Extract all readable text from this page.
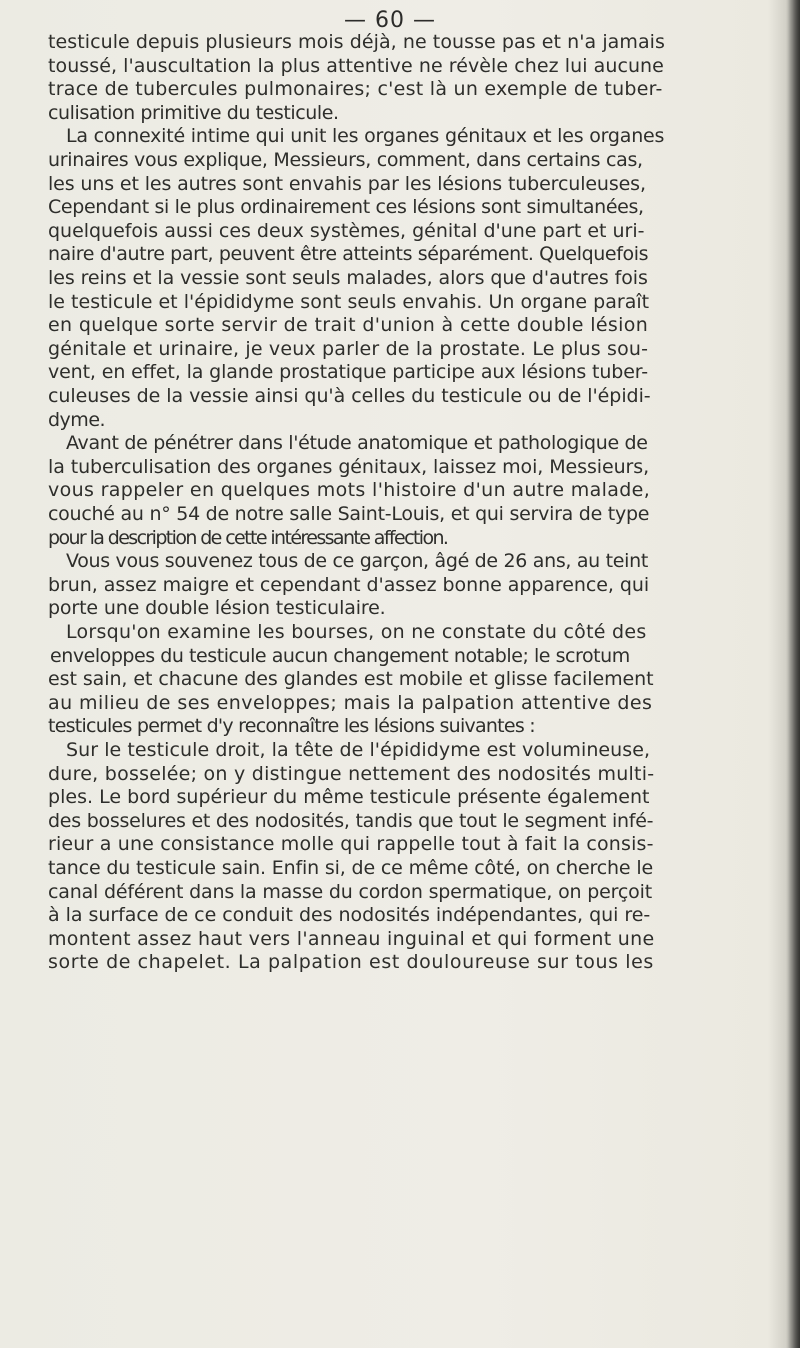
— 60 —
testicule depuis plusieurs mois déjà, ne tousse pas et n'a jamais
toussé, l'auscultation la plus attentive ne révèle chez lui aucune
trace de tubercules pulmonaires; c'est là un exemple de tuber-
culisation primitive du testicule.
La connexité intime qui unit les organes génitaux et les organes
urinaires vous explique, Messieurs, comment, dans certains cas,
les uns et les autres sont envahis par les lésions tuberculeuses,
Cependant si le plus ordinairement ces lésions sont simultanées,
quelquefois aussi ces deux systèmes, génital d'une part et uri-
naire d'autre part, peuvent être atteints séparément. Quelquefois
les reins et la vessie sont seuls malades, alors que d'autres fois
le testicule et l'épididyme sont seuls envahis. Un organe paraît
en quelque sorte servir de trait d'union à cette double lésion
génitale et urinaire, je veux parler de la prostate. Le plus sou-
vent, en effet, la glande prostatique participe aux lésions tuber-
culeuses de la vessie ainsi qu'à celles du testicule ou de l'épidi-
dyme.
Avant de pénétrer dans l'étude anatomique et pathologique de
la tuberculisation des organes génitaux, laissez moi, Messieurs,
vous rappeler en quelques mots l'histoire d'un autre malade,
couché au n° 54 de notre salle Saint-Louis, et qui servira de type
pour la description de cette intéressante affection.
Vous vous souvenez tous de ce garçon, âgé de 26 ans, au teint
brun, assez maigre et cependant d'assez bonne apparence, qui
porte une double lésion testiculaire.
Lorsqu'on examine les bourses, on ne constate du côté des
enveloppes du testicule aucun changement notable; le scrotum
est sain, et chacune des glandes est mobile et glisse facilement
au milieu de ses enveloppes; mais la palpation attentive des
testicules permet d'y reconnaître les lésions suivantes :
Sur le testicule droit, la tête de l'épididyme est volumineuse,
dure, bosselée; on y distingue nettement des nodosités multi-
ples. Le bord supérieur du même testicule présente également
des bosselures et des nodosités, tandis que tout le segment infé-
rieur a une consistance molle qui rappelle tout à fait la consis-
tance du testicule sain. Enfin si, de ce même côté, on cherche le
canal déférent dans la masse du cordon spermatique, on perçoit
à la surface de ce conduit des nodosités indépendantes, qui re-
montent assez haut vers l'anneau inguinal et qui forment une
sorte de chapelet. La palpation est douloureuse sur tous les
